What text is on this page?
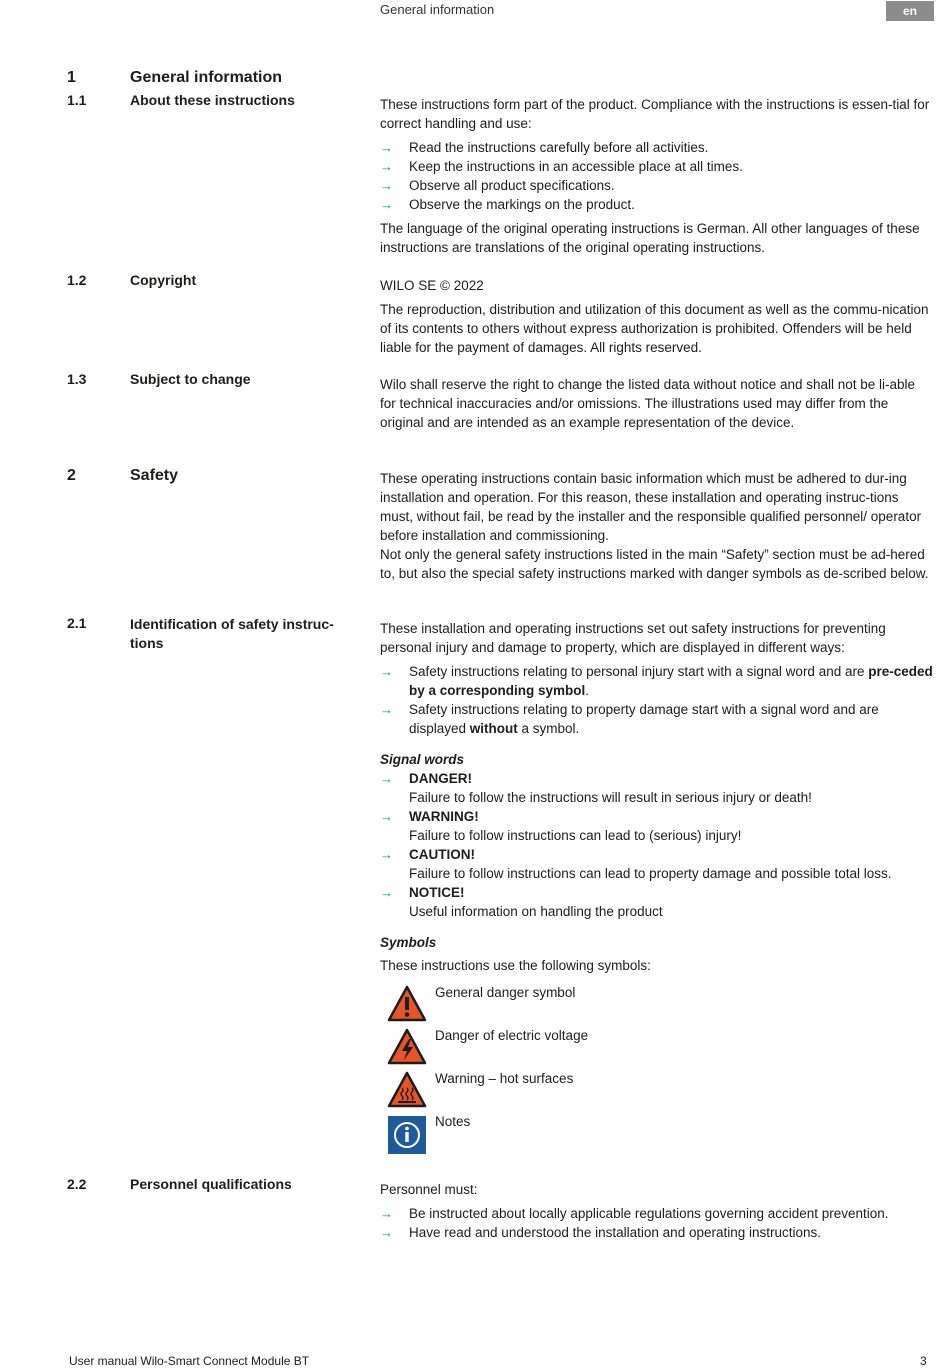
General information	en
1	General information
1.1	About these instructions	These instructions form part of the product. Compliance with the instructions is essen-tial for correct handling and use:

→ Read the instructions carefully before all activities.
→ Keep the instructions in an accessible place at all times.
→ Observe all product specifications.
→ Observe the markings on the product.

The language of the original operating instructions is German. All other languages of these instructions are translations of the original operating instructions.

1.2	Copyright	WILO SE © 2022

The reproduction, distribution and utilization of this document as well as the commu-nication of its contents to others without express authorization is prohibited. Offenders will be held liable for the payment of damages. All rights reserved.

1.3	Subject to change	Wilo shall reserve the right to change the listed data without notice and shall not be li-able for technical inaccuracies and/or omissions. The illustrations used may differ from the original and are intended as an example representation of the device.

2	Safety	These operating instructions contain basic information which must be adhered to dur-ing installation and operation. For this reason, these installation and operating instruc-tions must, without fail, be read by the installer and the responsible qualified personnel/ operator before installation and commissioning.

Not only the general safety instructions listed in the main “Safety” section must be ad-hered to, but also the special safety instructions marked with danger symbols as de-scribed below.

2.1	Identification of safety instruc-tions

These installation and operating instructions set out safety instructions for preventing personal injury and damage to property, which are displayed in different ways:

→ Safety instructions relating to personal injury start with a signal word and are pre-ceded by a corresponding symbol.
→ Safety instructions relating to property damage start with a signal word and are displayed without a symbol.

Signal words

→ DANGER!
Failure to follow the instructions will result in serious injury or death!
→ WARNING!
Failure to follow instructions can lead to (serious) injury!
→ CAUTION!
Failure to follow instructions can lead to property damage and possible total loss.
→ NOTICE!
Useful information on handling the product

Symbols

These instructions use the following symbols:

General danger symbol
Danger of electric voltage
Warning – hot surfaces
Notes
2.2	Personnel qualifications	Personnel must:

→ Be instructed about locally applicable regulations governing accident prevention.
→ Have read and understood the installation and operating instructions.
User manual Wilo-Smart Connect Module BT	3
